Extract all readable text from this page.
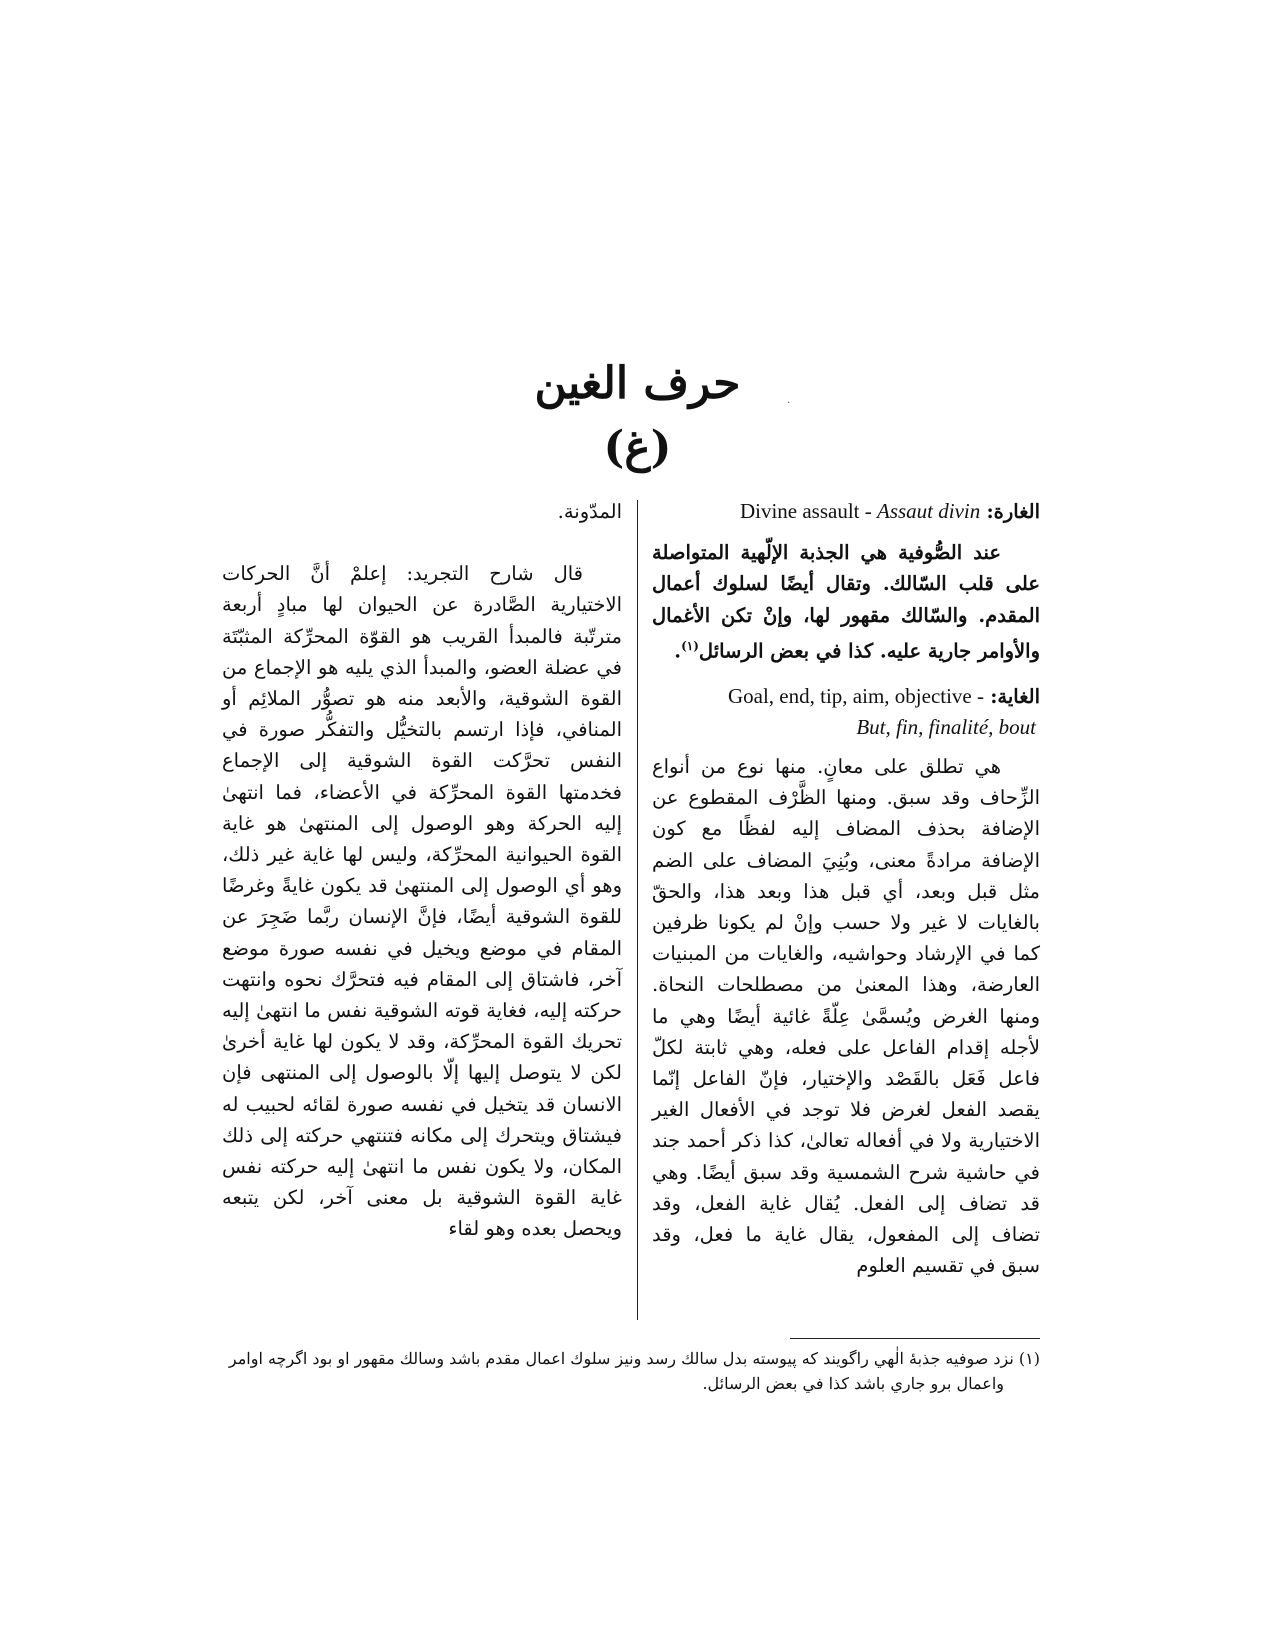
حرف الغين
(غ)
.
الغارة: Divine assault - Assaut divin

عند الصُّوفية هي الجذبة الإلّهية المتواصلة على قلب السّالك. وتقال أيضًا لسلوك أعمال المقدم. والسّالك مقهور لها، وإنْ تكن الأغمال والأوامر جارية عليه. كذا في بعض الرسائل$^{(١)}$.

الغاية: Goal, end, tip, aim, objective -
But, fin, finalité, bout

هي تطلق على معانٍ. منها نوع من أنواع الزِّحاف وقد سبق. ومنها الظَّرْف المقطوع عن الإضافة بحذف المضاف إليه لفظًا مع كون الإضافة مرادةً معنى، وبُنِيَ المضاف على الضم مثل قبل وبعد، أي قبل هذا وبعد هذا، والحقّ بالغايات لا غير ولا حسب وإنْ لم يكونا ظرفين كما في الإرشاد وحواشيه، والغايات من المبنيات العارضة، وهذا المعنىٰ من مصطلحات النحاة. ومنها الغرض ويُسمَّىٰ عِلّةً غائية أيضًا وهي ما لأجله إقدام الفاعل على فعله، وهي ثابتة لكلّ فاعل فَعَل بالقَصْد والإختيار، فإنّ الفاعل إنّما يقصد الفعل لغرض فلا توجد في الأفعال الغير الاختيارية ولا في أفعاله تعالىٰ، كذا ذكر أحمد جند في حاشية شرح الشمسية وقد سبق أيضًا. وهي قد تضاف إلى الفعل. يُقال غاية الفعل، وقد تضاف إلى المفعول، يقال غاية ما فعل، وقد سبق في تقسيم العلوم

المدّونة.

قال شارح التجريد: إعلمْ أنَّ الحركات الاختيارية الصَّادرة عن الحيوان لها مبادٍ أربعة مترتّبة فالمبدأ القريب هو القوّة المحرِّكة المثبّتَة في عضلة العضو، والمبدأ الذي يليه هو الإجماع من القوة الشوقية، والأبعد منه هو تصوُّر الملائِم أو المنافي، فإذا ارتسم بالتخيُّل والتفكُّر صورة في النفس تحرَّكت القوة الشوقية إلى الإجماع فخدمتها القوة المحرِّكة في الأعضاء، فما انتهىٰ إليه الحركة وهو الوصول إلى المنتهىٰ هو غاية القوة الحيوانية المحرِّكة، وليس لها غاية غير ذلك، وهو أي الوصول إلى المنتهىٰ قد يكون غايةً وغرضًا للقوة الشوقية أيضًا، فإنَّ الإنسان ربَّما ضَجِرَ عن المقام في موضع ويخيل في نفسه صورة موضع آخر، فاشتاق إلى المقام فيه فتحرَّك نحوه وانتهت حركته إليه، فغاية قوته الشوقية نفس ما انتهىٰ إليه تحريك القوة المحرِّكة، وقد لا يكون لها غاية أخرىٰ لكن لا يتوصل إليها إلّا بالوصول إلى المنتهى فإن الانسان قد يتخيل في نفسه صورة لقائه لحبيب له فيشتاق ويتحرك إلى مكانه فتنتهي حركته إلى ذلك المكان، ولا يكون نفس ما انتهىٰ إليه حركته نفس غاية القوة الشوقية بل معنى آخر، لكن يتبعه ويحصل بعده وهو لقاء

(١) نزد صوفيه جذبۀ الٰهي راگويند كه پيوسته بدل سالك رسد ونيز سلوك اعمال مقدم باشد وسالك مقهور او بود اگرچه اوامر
واعمال برو جاري باشد كذا في بعض الرسائل.
